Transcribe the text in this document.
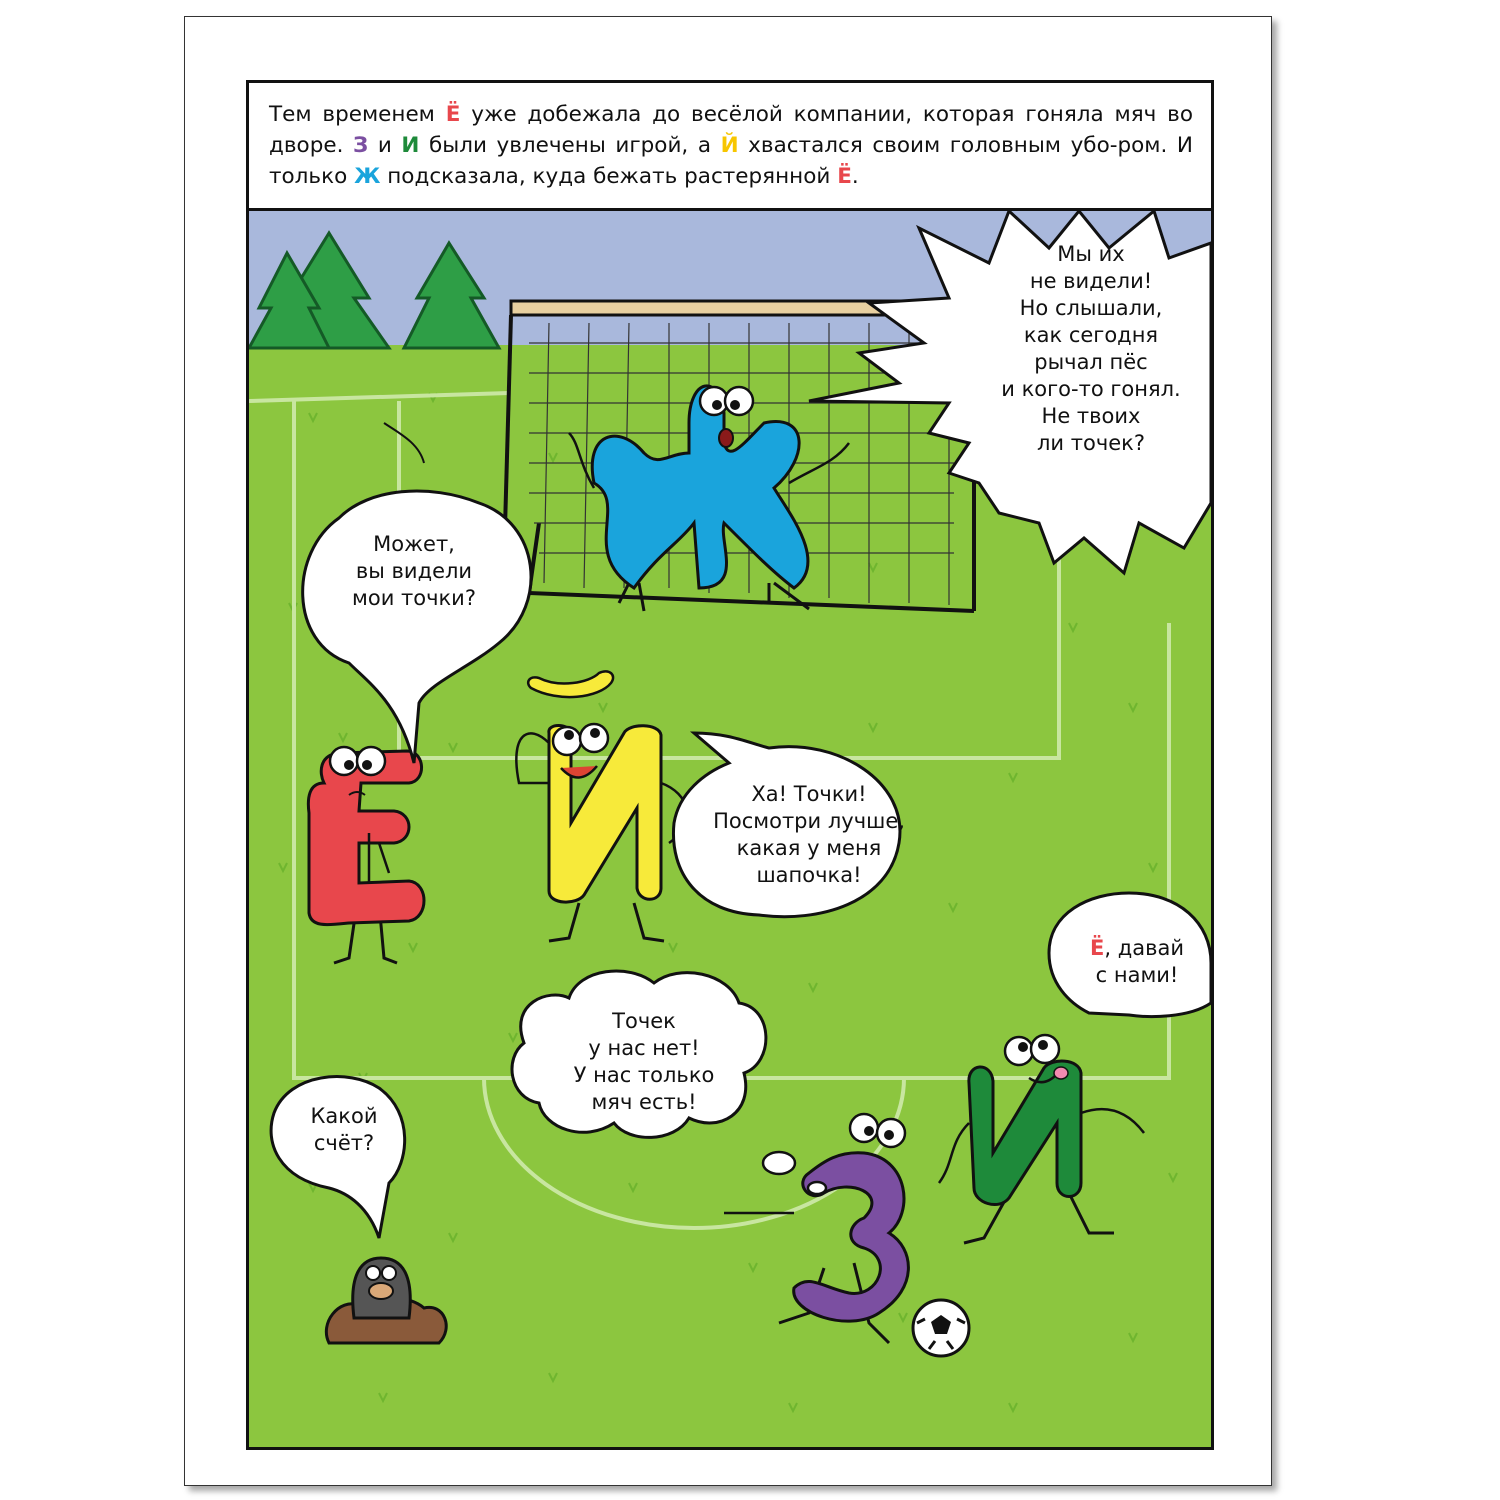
Тем временем Ё уже добежала до весёлой компании, которая гоняла мяч во дворе. З и И были увлечены игрой, а Й хвастался своим головным убо-ром. И только Ж подсказала, куда бежать растерянной Ё.
Мы их
не видели!
Но слышали,
как сегодня
рычал пёс
и кого-то гонял.
Не твоих
ли точек?
Может,
вы видели
мои точки?
Ха! Точки!
Посмотри лучше,
какая у меня
шапочка!
Ё, давай
с нами!
Точек
у нас нет!
У нас только
мяч есть!
Какой
счёт?
